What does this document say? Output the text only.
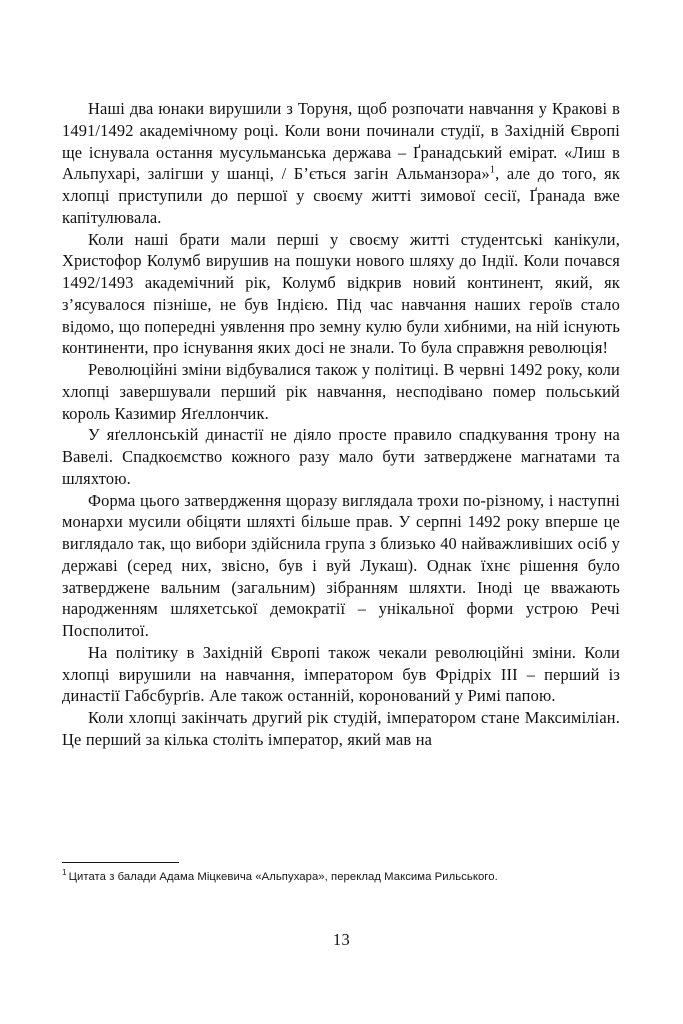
Наші два юнаки вирушили з Торуня, щоб розпочати навчання у Кракові в 1491/1492 академічному році. Коли вони починали студії, в Західній Європі ще існувала остання мусульманська держава – Ґранадський емірат. «Лиш в Альпухарі, залігши у шанці, / Б’ється загін Альманзора»$^1$, але до того, як хлопці приступили до першої у своєму житті зимової сесії, Ґранада вже капітулювала.

Коли наші брати мали перші у своєму житті студентські канікули, Христофор Колумб вирушив на пошуки нового шляху до Індії. Коли почався 1492/1493 академічний рік, Колумб відкрив новий континент, який, як з’ясувалося пізніше, не був Індією. Під час навчання наших героїв стало відомо, що попередні уявлення про земну кулю були хибними, на ній існують континенти, про існування яких досі не знали. То була справжня революція!

Революційні зміни відбувалися також у політиці. В червні 1492 року, коли хлопці завершували перший рік навчання, несподівано помер польський король Казимир Яґеллончик.

У яґеллонській династії не діяло просте правило спадкування трону на Вавелі. Спадкоємство кожного разу мало бути затверджене магнатами та шляхтою.

Форма цього затвердження щоразу виглядала трохи по-різному, і наступні монархи мусили обіцяти шляхті більше прав. У серпні 1492 року вперше це виглядало так, що вибори здійснила група з близько 40 найважливіших осіб у державі (серед них, звісно, був і вуй Лукаш). Однак їхнє рішення було затверджене вальним (загальним) зібранням шляхти. Іноді це вважають народженням шляхетської демократії – унікальної форми устрою Речі Посполитої.

На політику в Західній Європі також чекали революційні зміни. Коли хлопці вирушили на навчання, імператором був Фрідріх III – перший із династії Габсбурґів. Але також останній, коронований у Римі папою.

Коли хлопці закінчать другий рік студій, імператором стане Максиміліан. Це перший за кілька століть імператор, який мав на

$^1$ Цитата з балади Адама Міцкевича «Альпухара», переклад Максима Рильського.

13
